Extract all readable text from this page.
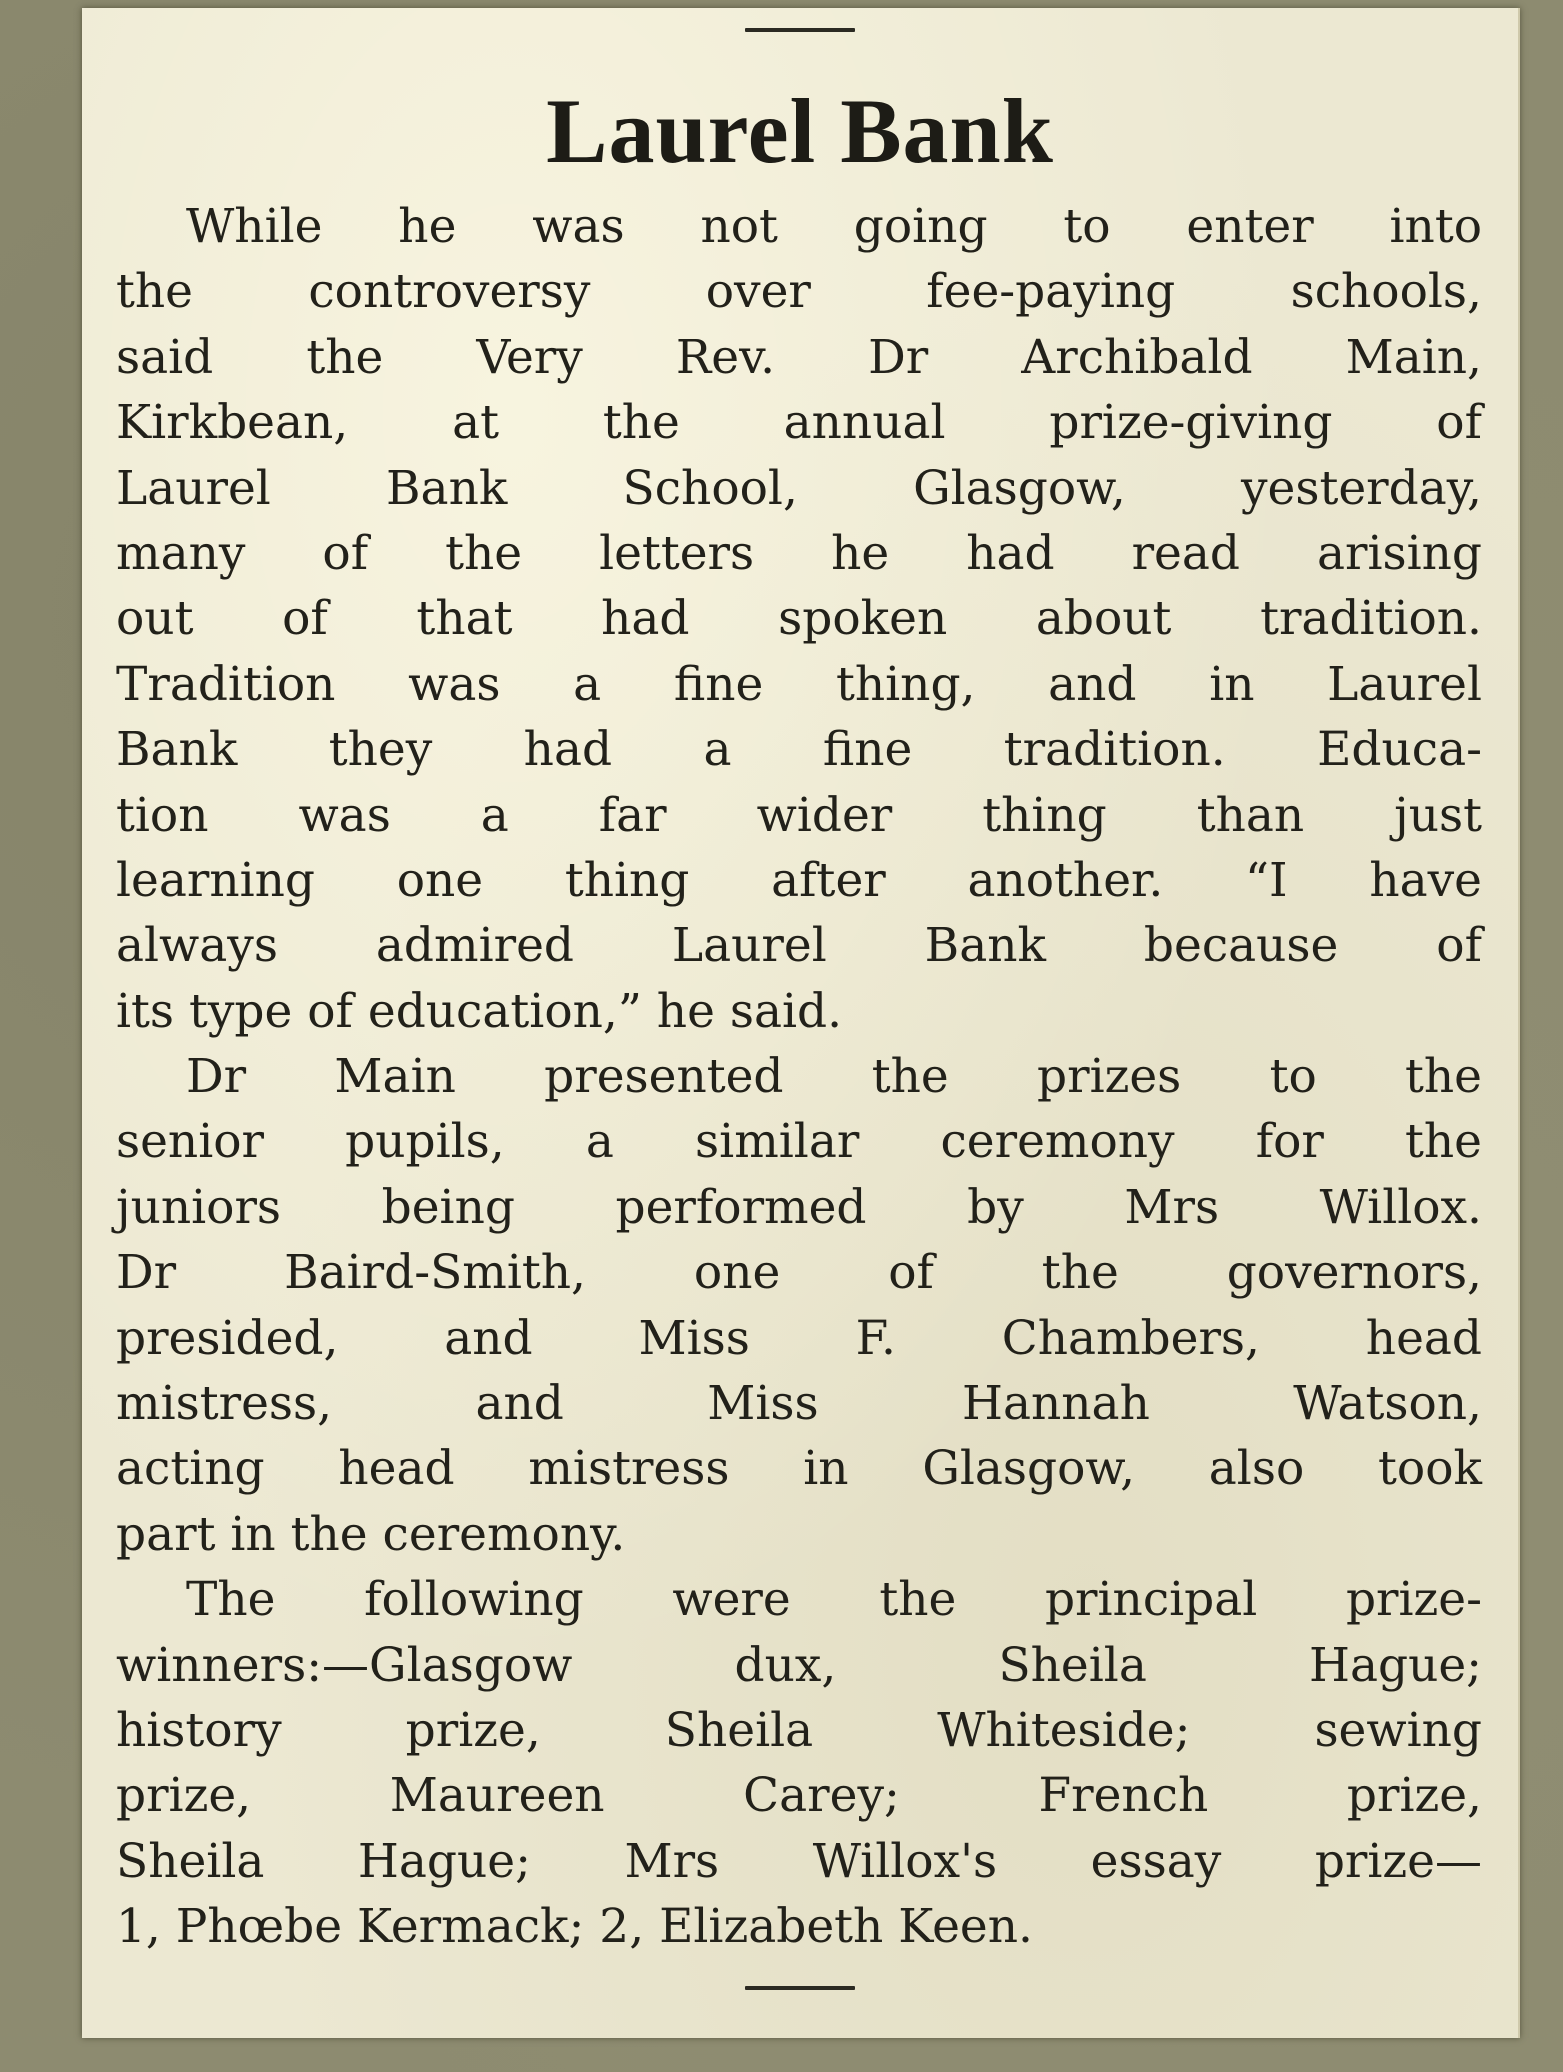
Laurel Bank
While he was not going to enter into
the controversy over fee-paying schools,
said the Very Rev. Dr Archibald Main,
Kirkbean, at the annual prize-giving of
Laurel Bank School, Glasgow, yesterday,
many of the letters he had read arising
out of that had spoken about tradition.
Tradition was a fine thing, and in Laurel
Bank they had a fine tradition. Educa-
tion was a far wider thing than just
learning one thing after another. “I have
always admired Laurel Bank because of
its type of education,” he said.
Dr Main presented the prizes to the
senior pupils, a similar ceremony for the
juniors being performed by Mrs Willox.
Dr Baird-Smith, one of the governors,
presided, and Miss F. Chambers, head
mistress, and Miss Hannah Watson,
acting head mistress in Glasgow, also took
part in the ceremony.
The following were the principal prize-
winners:—Glasgow dux, Sheila Hague;
history prize, Sheila Whiteside; sewing
prize, Maureen Carey; French prize,
Sheila Hague; Mrs Willox's essay prize—
1, Phœbe Kermack; 2, Elizabeth Keen.
